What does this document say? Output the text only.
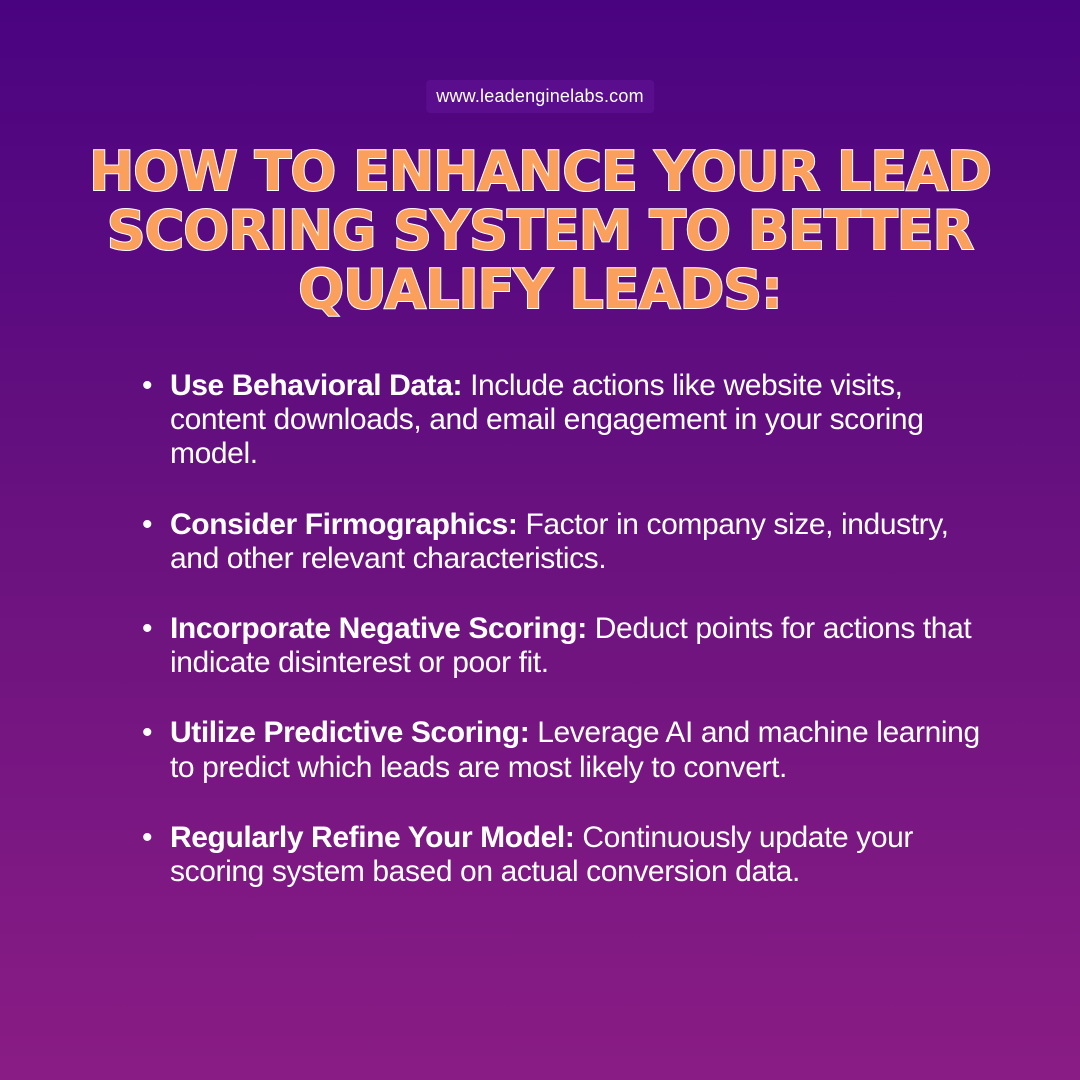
www.leadenginelabs.com
HOW TO ENHANCE YOUR LEAD SCORING SYSTEM TO BETTER QUALIFY LEADS:
• Use Behavioral Data: Include actions like website visits, content downloads, and email engagement in your scoring model.
• Consider Firmographics: Factor in company size, industry, and other relevant characteristics.
• Incorporate Negative Scoring: Deduct points for actions that indicate disinterest or poor fit.
• Utilize Predictive Scoring: Leverage AI and machine learning to predict which leads are most likely to convert.
• Regularly Refine Your Model: Continuously update your scoring system based on actual conversion data.
